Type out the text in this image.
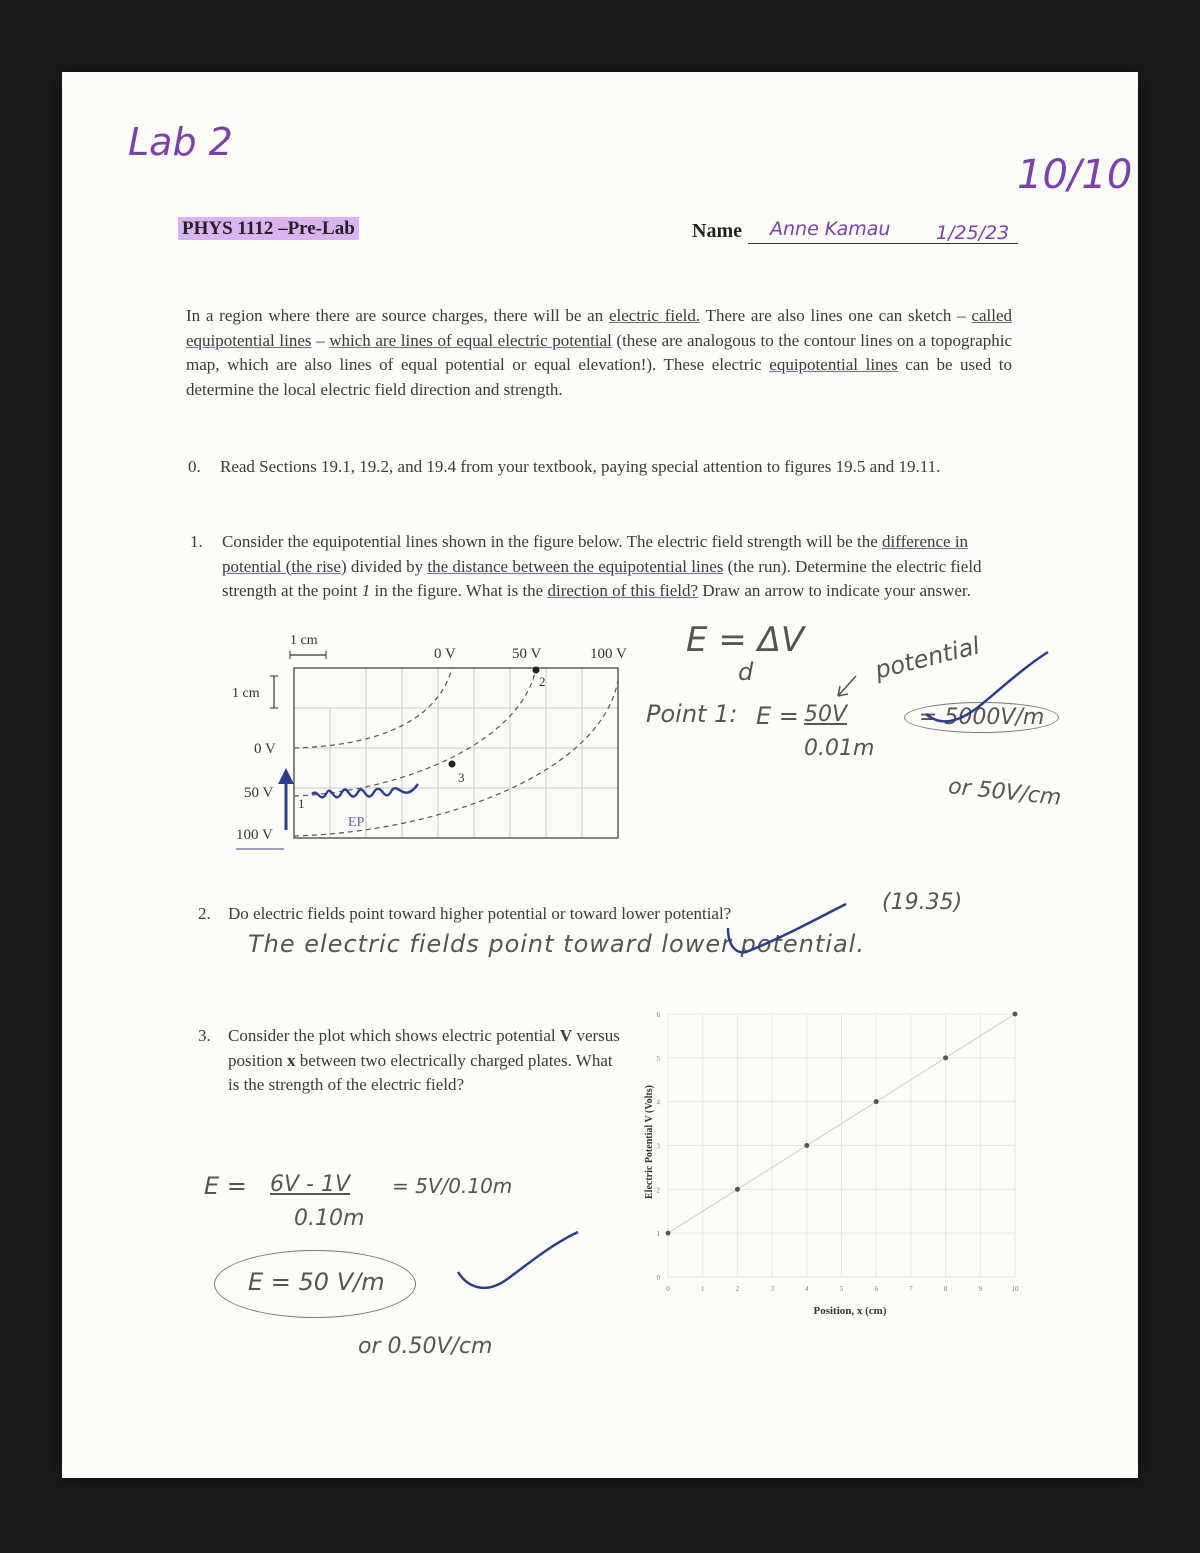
Lab 2
10/10
PHYS 1112 –Pre-Lab	Name Anne Kamau 1/25/23
In a region where there are source charges, there will be an electric field. There are also lines one can sketch – called equipotential lines – which are lines of equal electric potential (these are analogous to the contour lines on a topographic map, which are also lines of equal potential or equal elevation!). These electric equipotential lines can be used to determine the local electric field direction and strength.
0.	Read Sections 19.1, 19.2, and 19.4 from your textbook, paying special attention to figures 19.5 and 19.11.
1.	Consider the equipotential lines shown in the figure below. The electric field strength will be the difference in potential (the rise) divided by the distance between the equipotential lines (the run). Determine the electric field strength at the point 1 in the figure. What is the direction of this field? Draw an arrow to indicate your answer.
1 cm
1 cm
0 V	50 V	100 V
0 V
50 V
100 V
1
2
3
EP
E = ΔV
d	potential
Point 1: E = 50V
0.01m
= 5000V/m
or 50V/cm
2.	Do electric fields point toward higher potential or toward lower potential?	(19.35)
The electric fields point toward lower potential.
3.	Consider the plot which shows electric potential V versus position x between two electrically charged plates. What is the strength of the electric field?
E = 6V - 1V
0.10m
= 5V/0.10m
E = 50 V/m
or 0.50V/cm
0	1	2	3	4	5	6	7	8	9	10
0
1
2
3
4
5
6
Position, x (cm)
Electric Potential V (Volts)
